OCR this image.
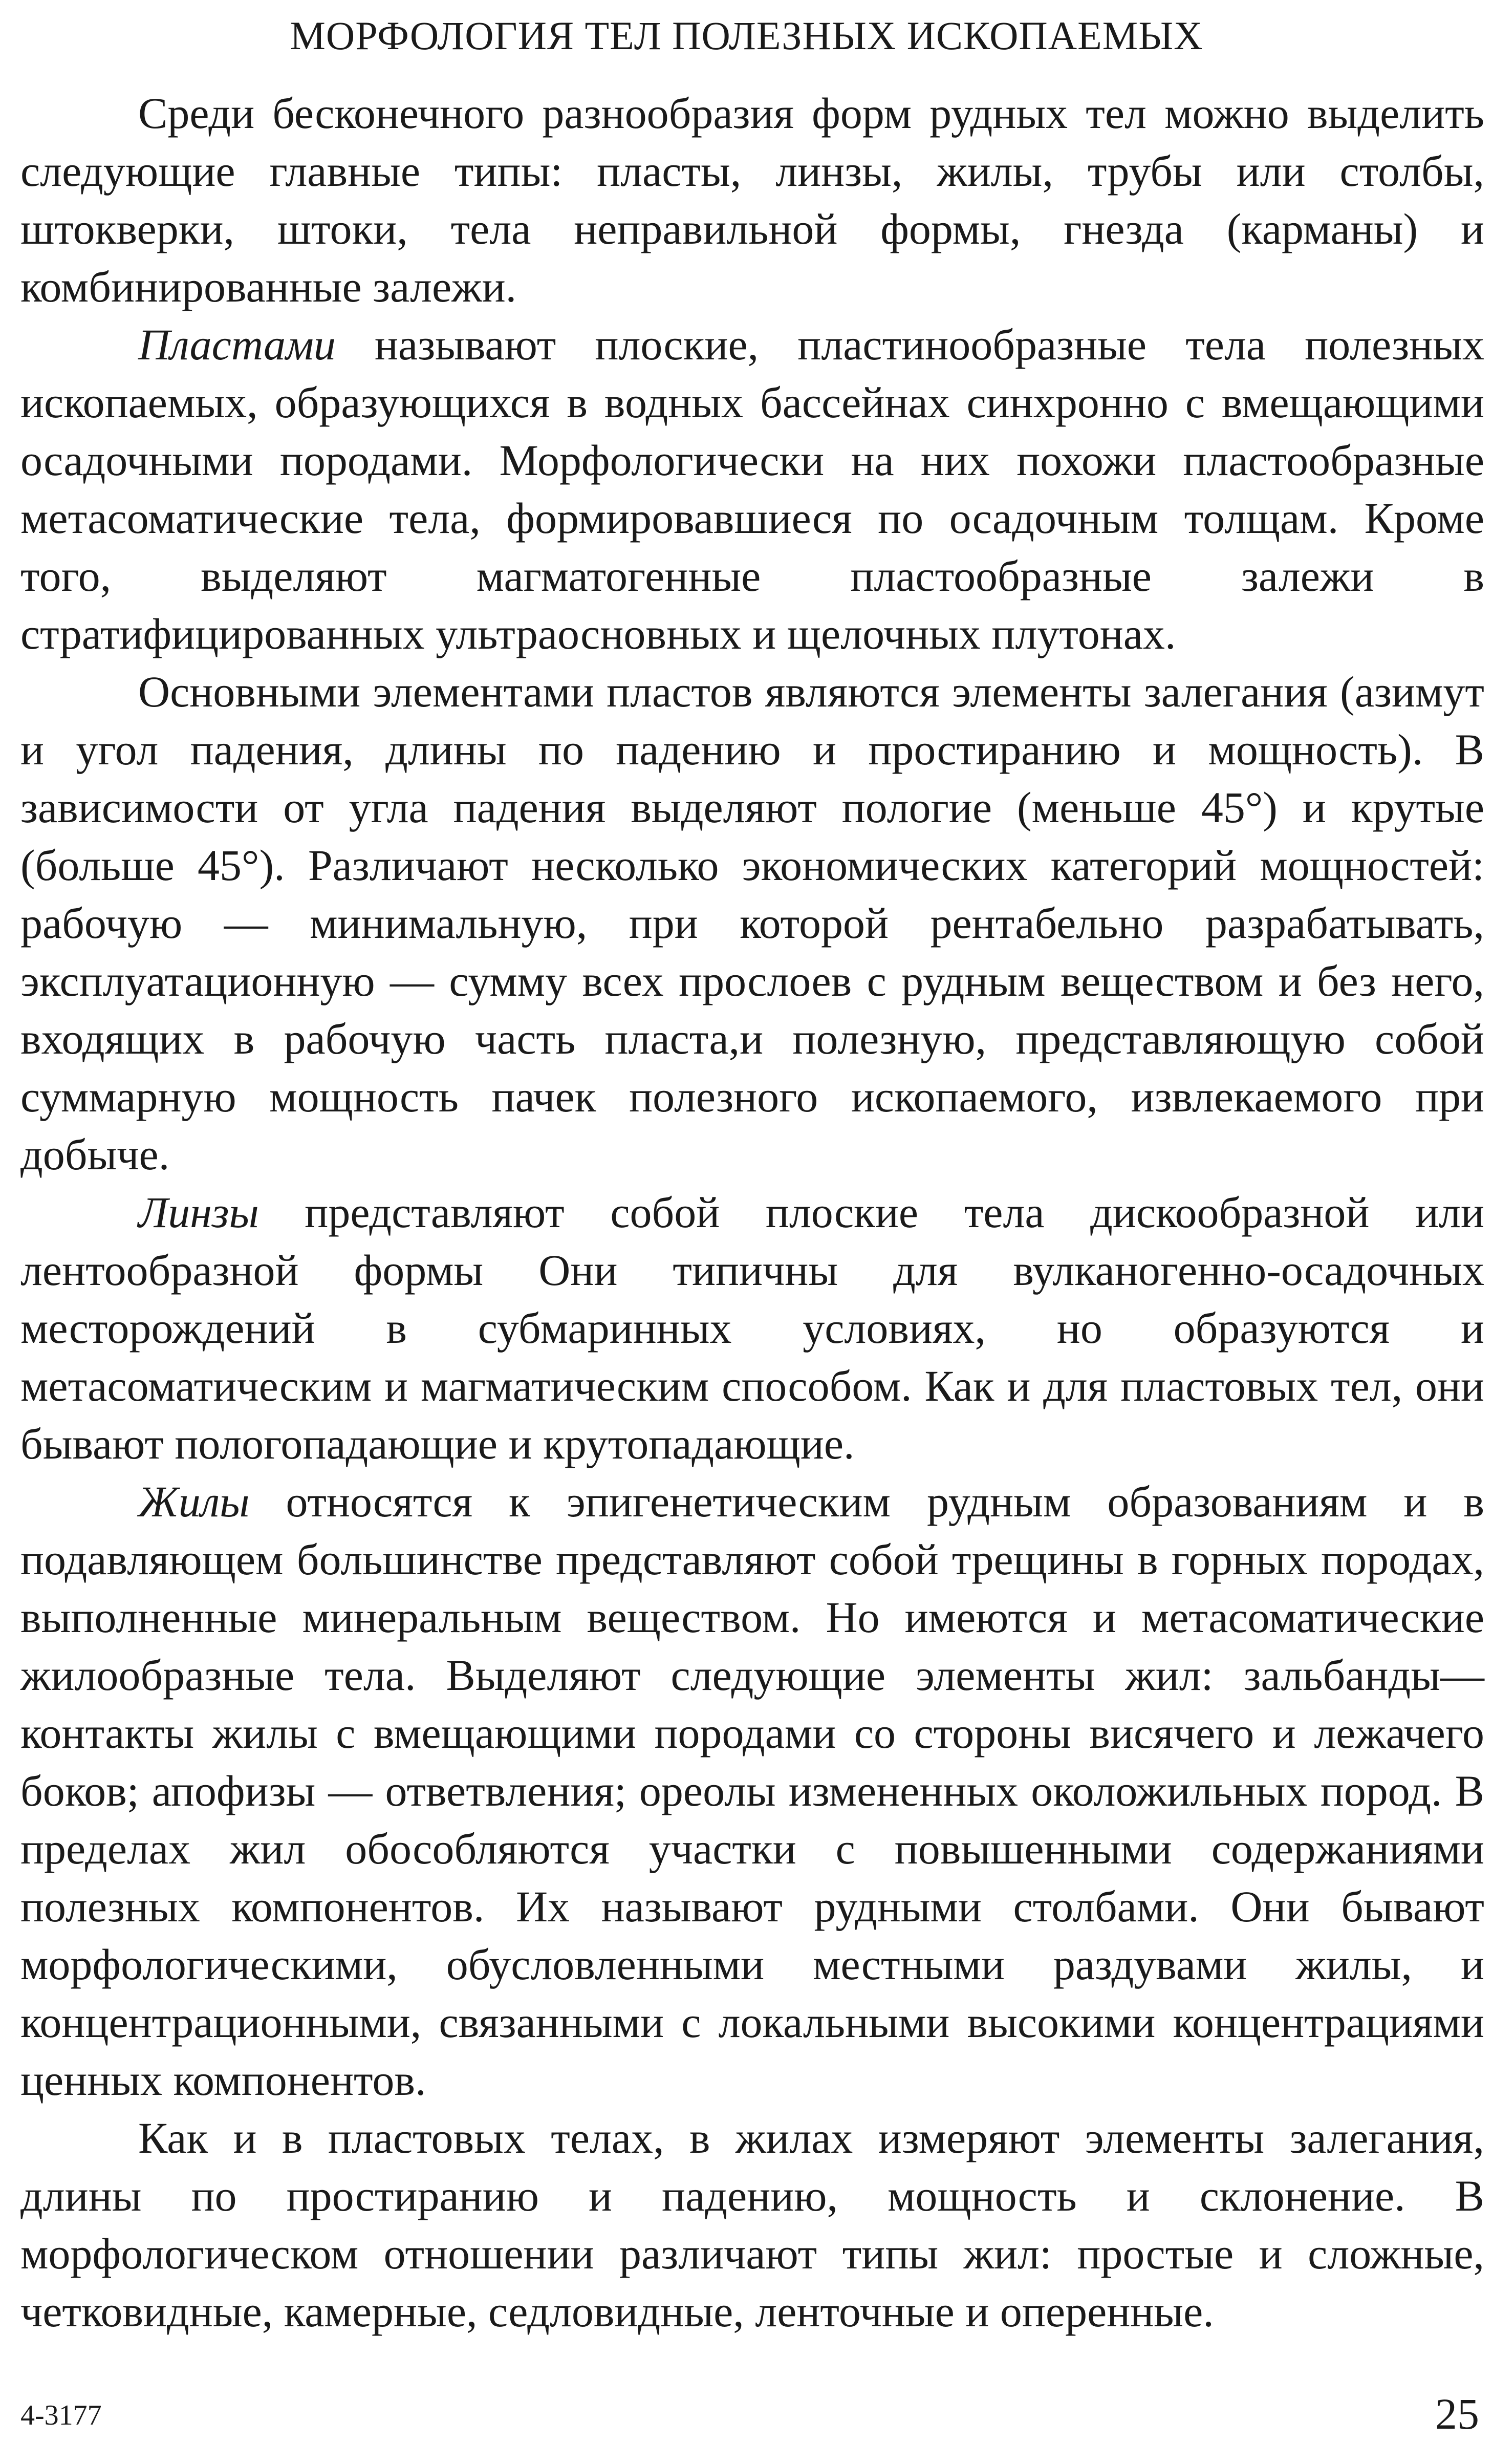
МОРФОЛОГИЯ ТЕЛ ПОЛЕЗНЫХ ИСКОПАЕМЫХ

Среди бесконечного разнообразия форм рудных тел можно выделить следующие главные типы: пласты, линзы, жилы, трубы или столбы, штокверки, штоки, тела неправильной формы, гнезда (карманы) и комбинированные залежи.

Пластами называют плоские, пластинообразные тела полезных ископаемых, образующихся в водных бассейнах синхронно с вмещающими осадочными породами. Морфологически на них похожи пластообразные метасоматические тела, формировавшиеся по осадочным толщам. Кроме того, выделяют магматогенные пластообразные залежи в стратифицированных ультраосновных и щелочных плутонах.

Основными элементами пластов являются элементы залегания (азимут и угол падения, длины по падению и простиранию и мощность). В зависимости от угла падения выделяют пологие (меньше 45°) и крутые (больше 45°). Различают несколько экономических категорий мощностей: рабочую — минимальную, при которой рентабельно разрабатывать, эксплуатационную — сумму всех прослоев с рудным веществом и без него, входящих в рабочую часть пласта,и полезную, представляющую собой суммарную мощность пачек полезного ископаемого, извлекаемого при добыче.

Линзы представляют собой плоские тела дискообразной или лентообразной формы Они типичны для вулканогенно-осадочных месторождений в субмаринных условиях, но образуются и метасоматическим и магматическим способом. Как и для пластовых тел, они бывают пологопадающие и крутопадающие.

Жилы относятся к эпигенетическим рудным образованиям и в подавляющем большинстве представляют собой трещины в горных породах, выполненные минеральным веществом. Но имеются и метасоматические жилообразные тела. Выделяют следующие элементы жил: зальбанды—контакты жилы с вмещающими породами со стороны висячего и лежачего боков; апофизы — ответвления; ореолы измененных околожильных пород. В пределах жил обособляются участки с повышенными содержаниями полезных компонентов. Их называют рудными столбами. Они бывают морфологическими, обусловленными местными раздувами жилы, и концентрационными, связанными с локальными высокими концентрациями ценных компонентов.

Как и в пластовых телах, в жилах измеряют элементы залегания, длины по простиранию и падению, мощность и склонение. В морфологическом отношении различают типы жил: простые и сложные, четковидные, камерные, седловидные, ленточные и оперенные.

4-3177	25
